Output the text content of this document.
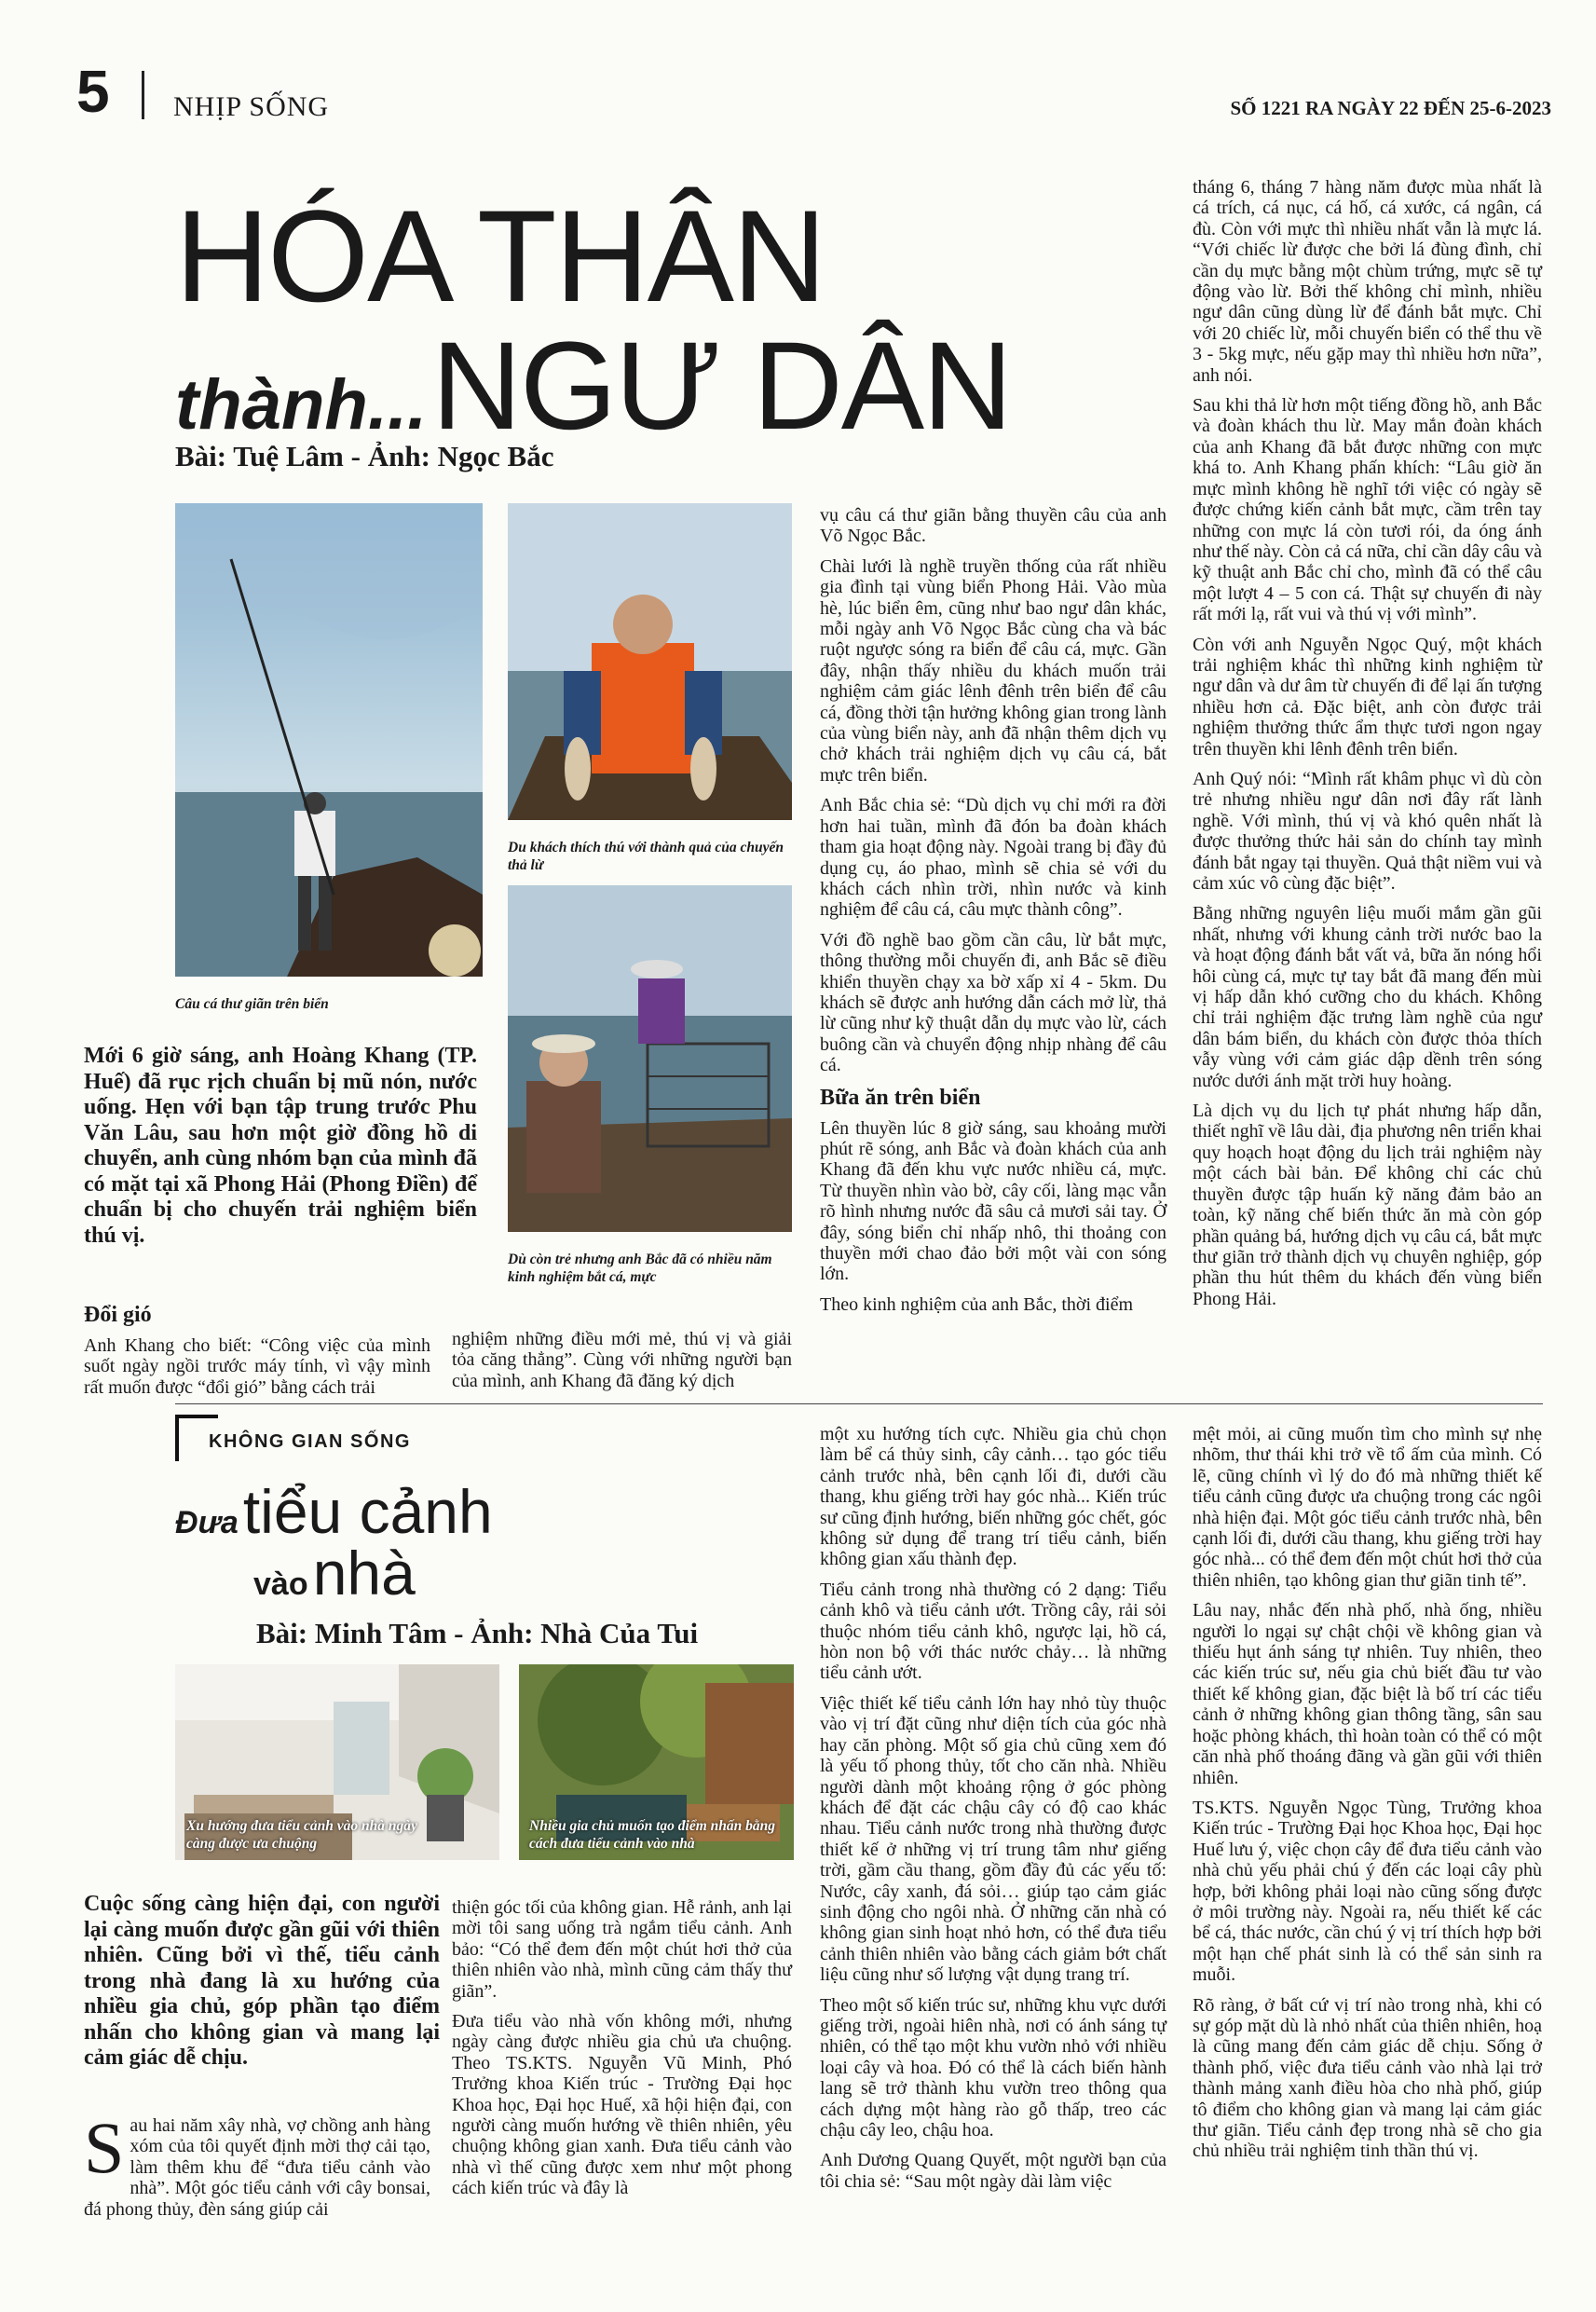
5 NHỊP SỐNG	SỐ 1221 RA NGÀY 22 ĐẾN 25-6-2023
HÓA THÂN
thành... NGƯ DÂN
Bài: Tuệ Lâm - Ảnh: Ngọc Bắc
Câu cá thư giãn trên biển
Du khách thích thú với thành quả của chuyến thả lừ
Dù còn trẻ nhưng anh Bắc đã có nhiều năm kinh nghiệm bắt cá, mực
Mới 6 giờ sáng, anh Hoàng Khang (TP. Huế) đã rục rịch chuẩn bị mũ nón, nước uống. Hẹn với bạn tập trung trước Phu Văn Lâu, sau hơn một giờ đồng hồ di chuyển, anh cùng nhóm bạn của mình đã có mặt tại xã Phong Hải (Phong Điền) để chuẩn bị cho chuyến trải nghiệm biển thú vị.
Đổi gió

Anh Khang cho biết: “Công việc của mình suốt ngày ngồi trước máy tính, vì vậy mình rất muốn được “đổi gió” bằng cách trải

nghiệm những điều mới mẻ, thú vị và giải tỏa căng thẳng”. Cùng với những người bạn của mình, anh Khang đã đăng ký dịch

vụ câu cá thư giãn bằng thuyền câu của anh Võ Ngọc Bắc.

Chài lưới là nghề truyền thống của rất nhiều gia đình tại vùng biển Phong Hải. Vào mùa hè, lúc biển êm, cũng như bao ngư dân khác, mỗi ngày anh Võ Ngọc Bắc cùng cha và bác ruột ngược sóng ra biển để câu cá, mực. Gần đây, nhận thấy nhiều du khách muốn trải nghiệm cảm giác lênh đênh trên biển để câu cá, đồng thời tận hưởng không gian trong lành của vùng biển này, anh đã nhận thêm dịch vụ chở khách trải nghiệm dịch vụ câu cá, bắt mực trên biển.

Anh Bắc chia sẻ: “Dù dịch vụ chỉ mới ra đời hơn hai tuần, mình đã đón ba đoàn khách tham gia hoạt động này. Ngoài trang bị đầy đủ dụng cụ, áo phao, mình sẽ chia sẻ với du khách cách nhìn trời, nhìn nước và kinh nghiệm để câu cá, câu mực thành công”.

Với đồ nghề bao gồm cần câu, lừ bắt mực, thông thường mỗi chuyến đi, anh Bắc sẽ điều khiển thuyền chạy xa bờ xấp xỉ 4 - 5km. Du khách sẽ được anh hướng dẫn cách mở lừ, thả lừ cũng như kỹ thuật dẫn dụ mực vào lừ, cách buông cần và chuyển động nhịp nhàng để câu cá.

Bữa ăn trên biển

Lên thuyền lúc 8 giờ sáng, sau khoảng mười phút rẽ sóng, anh Bắc và đoàn khách của anh Khang đã đến khu vực nước nhiều cá, mực. Từ thuyền nhìn vào bờ, cây cối, làng mạc vẫn rõ hình nhưng nước đã sâu cả mươi sải tay. Ở đây, sóng biển chỉ nhấp nhô, thi thoảng con thuyền mới chao đảo bởi một vài con sóng lớn.

Theo kinh nghiệm của anh Bắc, thời điểm

tháng 6, tháng 7 hàng năm được mùa nhất là cá trích, cá nục, cá hố, cá xước, cá ngân, cá đù. Còn với mực thì nhiều nhất vẫn là mực lá. “Với chiếc lừ được che bởi lá đùng đình, chỉ cần dụ mực bằng một chùm trứng, mực sẽ tự động vào lừ. Bởi thế không chỉ mình, nhiều ngư dân cũng dùng lừ để đánh bắt mực. Chỉ với 20 chiếc lừ, mỗi chuyến biển có thể thu về 3 - 5kg mực, nếu gặp may thì nhiều hơn nữa”, anh nói.

Sau khi thả lừ hơn một tiếng đồng hồ, anh Bắc và đoàn khách thu lừ. May mắn đoàn khách của anh Khang đã bắt được những con mực khá to. Anh Khang phấn khích: “Lâu giờ ăn mực mình không hề nghĩ tới việc có ngày sẽ được chứng kiến cảnh bắt mực, cầm trên tay những con mực lá còn tươi rói, da óng ánh như thế này. Còn cả cá nữa, chỉ cần dây câu và kỹ thuật anh Bắc chỉ cho, mình đã có thể câu một lượt 4 – 5 con cá. Thật sự chuyến đi này rất mới lạ, rất vui và thú vị với mình”.

Còn với anh Nguyễn Ngọc Quý, một khách trải nghiệm khác thì những kinh nghiệm từ ngư dân và dư âm từ chuyến đi để lại ấn tượng nhiều hơn cả. Đặc biệt, anh còn được trải nghiệm thưởng thức ẩm thực tươi ngon ngay trên thuyền khi lênh đênh trên biển.

Anh Quý nói: “Mình rất khâm phục vì dù còn trẻ nhưng nhiều ngư dân nơi đây rất lành nghề. Với mình, thú vị và khó quên nhất là được thưởng thức hải sản do chính tay mình đánh bắt ngay tại thuyền. Quả thật niềm vui và cảm xúc vô cùng đặc biệt”.

Bằng những nguyên liệu muối mắm gần gũi nhất, nhưng với khung cảnh trời nước bao la và hoạt động đánh bắt vất vả, bữa ăn nóng hổi hôi cùng cá, mực tự tay bắt đã mang đến mùi vị hấp dẫn khó cưỡng cho du khách. Không chỉ trải nghiệm đặc trưng làm nghề của ngư dân bám biển, du khách còn được thỏa thích vẫy vùng với cảm giác dập dềnh trên sóng nước dưới ánh mặt trời huy hoàng.

Là dịch vụ du lịch tự phát nhưng hấp dẫn, thiết nghĩ về lâu dài, địa phương nên triển khai quy hoạch hoạt động du lịch trải nghiệm này một cách bài bản. Để không chỉ các chủ thuyền được tập huấn kỹ năng đảm bảo an toàn, kỹ năng chế biến thức ăn mà còn góp phần quảng bá, hướng dịch vụ câu cá, bắt mực thư giãn trở thành dịch vụ chuyên nghiệp, góp phần thu hút thêm du khách đến vùng biển Phong Hải.

KHÔNG GIAN SỐNG
Đưa tiểu cảnh
vào nhà
Bài: Minh Tâm - Ảnh: Nhà Của Tui
Xu hướng đưa tiểu cảnh vào nhà ngày càng được ưa chuộng
Nhiều gia chủ muốn tạo điểm nhấn bằng cách đưa tiểu cảnh vào nhà
Cuộc sống càng hiện đại, con người lại càng muốn được gần gũi với thiên nhiên. Cũng bởi vì thế, tiểu cảnh trong nhà đang là xu hướng của nhiều gia chủ, góp phần tạo điểm nhấn cho không gian và mang lại cảm giác dễ chịu.

Sau hai năm xây nhà, vợ chồng anh hàng xóm của tôi quyết định mời thợ cải tạo, làm thêm khu để “đưa tiểu cảnh vào nhà”. Một góc tiểu cảnh với cây bonsai, đá phong thủy, đèn sáng giúp cải

thiện góc tối của không gian. Hễ rảnh, anh lại mời tôi sang uống trà ngắm tiểu cảnh. Anh bảo: “Có thể đem đến một chút hơi thở của thiên nhiên vào nhà, mình cũng cảm thấy thư giãn”.

Đưa tiểu vào nhà vốn không mới, nhưng ngày càng được nhiều gia chủ ưa chuộng. Theo TS.KTS. Nguyễn Vũ Minh, Phó Trưởng khoa Kiến trúc - Trường Đại học Khoa học, Đại học Huế, xã hội hiện đại, con người càng muốn hướng về thiên nhiên, yêu chuộng không gian xanh. Đưa tiểu cảnh vào nhà vì thế cũng được xem như một phong cách kiến trúc và đây là

một xu hướng tích cực. Nhiều gia chủ chọn làm bể cá thủy sinh, cây cảnh… tạo góc tiểu cảnh trước nhà, bên cạnh lối đi, dưới cầu thang, khu giếng trời hay góc nhà... Kiến trúc sư cũng định hướng, biến những góc chết, góc không sử dụng để trang trí tiểu cảnh, biến không gian xấu thành đẹp.

Tiểu cảnh trong nhà thường có 2 dạng: Tiểu cảnh khô và tiểu cảnh ướt. Trồng cây, rải sỏi thuộc nhóm tiểu cảnh khô, ngược lại, hồ cá, hòn non bộ với thác nước chảy… là những tiểu cảnh ướt.

Việc thiết kế tiểu cảnh lớn hay nhỏ tùy thuộc vào vị trí đặt cũng như diện tích của góc nhà hay căn phòng. Một số gia chủ cũng xem đó là yếu tố phong thủy, tốt cho căn nhà. Nhiều người dành một khoảng rộng ở góc phòng khách để đặt các chậu cây có độ cao khác nhau. Tiểu cảnh nước trong nhà thường được thiết kế ở những vị trí trung tâm như giếng trời, gầm cầu thang, gồm đầy đủ các yếu tố: Nước, cây xanh, đá sỏi… giúp tạo cảm giác sinh động cho ngôi nhà. Ở những căn nhà có không gian sinh hoạt nhỏ hơn, có thể đưa tiểu cảnh thiên nhiên vào bằng cách giảm bớt chất liệu cũng như số lượng vật dụng trang trí.

Theo một số kiến trúc sư, những khu vực dưới giếng trời, ngoài hiên nhà, nơi có ánh sáng tự nhiên, có thể tạo một khu vườn nhỏ với nhiều loại cây và hoa. Đó có thể là cách biến hành lang sẽ trở thành khu vườn treo thông qua cách dựng một hàng rào gỗ thấp, treo các chậu cây leo, chậu hoa.

Anh Dương Quang Quyết, một người bạn của tôi chia sẻ: “Sau một ngày dài làm việc

mệt mỏi, ai cũng muốn tìm cho mình sự nhẹ nhõm, thư thái khi trở về tổ ấm của mình. Có lẽ, cũng chính vì lý do đó mà những thiết kế tiểu cảnh cũng được ưa chuộng trong các ngôi nhà hiện đại. Một góc tiểu cảnh trước nhà, bên cạnh lối đi, dưới cầu thang, khu giếng trời hay góc nhà... có thể đem đến một chút hơi thở của thiên nhiên, tạo không gian thư giãn tinh tế”.

Lâu nay, nhắc đến nhà phố, nhà ống, nhiều người lo ngại sự chật chội về không gian và thiếu hụt ánh sáng tự nhiên. Tuy nhiên, theo các kiến trúc sư, nếu gia chủ biết đầu tư vào thiết kế không gian, đặc biệt là bố trí các tiểu cảnh ở những không gian thông tầng, sân sau hoặc phòng khách, thì hoàn toàn có thể có một căn nhà phố thoáng đãng và gần gũi với thiên nhiên.

TS.KTS. Nguyễn Ngọc Tùng, Trưởng khoa Kiến trúc - Trường Đại học Khoa học, Đại học Huế lưu ý, việc chọn cây để đưa tiểu cảnh vào nhà chủ yếu phải chú ý đến các loại cây phù hợp, bởi không phải loại nào cũng sống được ở môi trường này. Ngoài ra, nếu thiết kế các bể cá, thác nước, cần chú ý vị trí thích hợp bởi một hạn chế phát sinh là có thể sản sinh ra muỗi.

Rõ ràng, ở bất cứ vị trí nào trong nhà, khi có sự góp mặt dù là nhỏ nhất của thiên nhiên, hoạ là cũng mang đến cảm giác dễ chịu. Sống ở thành phố, việc đưa tiểu cảnh vào nhà lại trở thành mảng xanh điều hòa cho nhà phố, giúp tô điểm cho không gian và mang lại cảm giác thư giãn. Tiểu cảnh đẹp trong nhà sẽ cho gia chủ nhiều trải nghiệm tinh thần thú vị.
